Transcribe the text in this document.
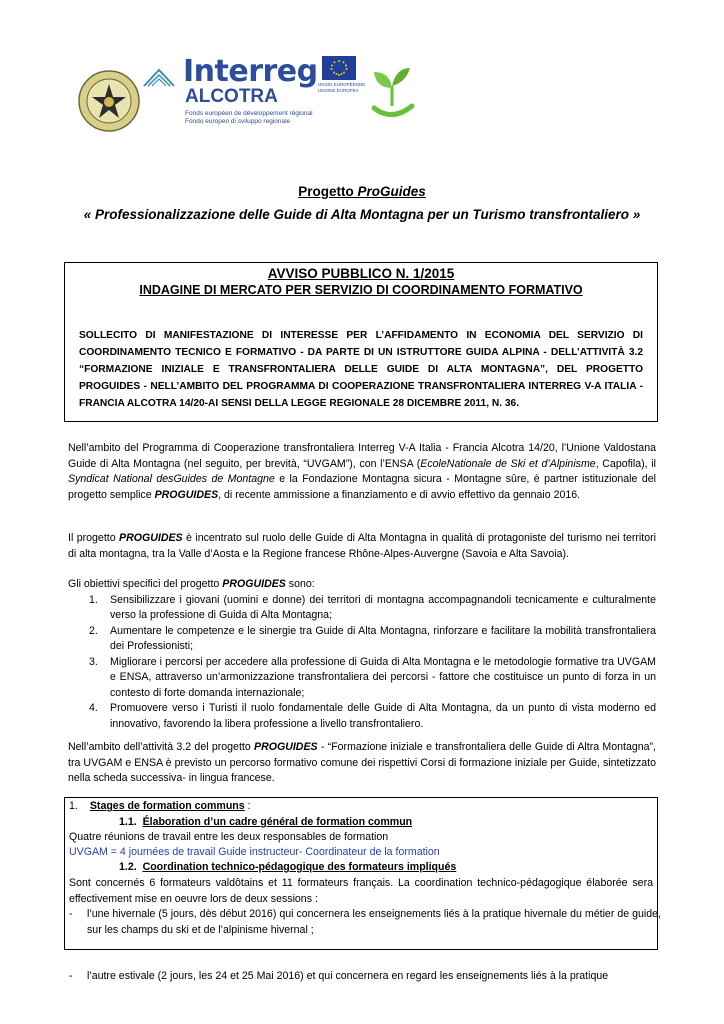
Interreg
ALCOTRA
Fonds européen de développement régional
Fondo europeo di sviluppo regionale
UNION EUROPÉENNE UNIONE EUROPEA
Progetto ProGuides
« Professionalizzazione delle Guide di Alta Montagna per un Turismo transfrontaliero »
AVVISO PUBBLICO N. 1/2015
INDAGINE DI MERCATO PER SERVIZIO DI COORDINAMENTO FORMATIVO
SOLLECITO DI MANIFESTAZIONE DI INTERESSE PER L’AFFIDAMENTO IN ECONOMIA DEL SERVIZIO DI COORDINAMENTO TECNICO E FORMATIVO - DA PARTE DI UN ISTRUTTORE GUIDA ALPINA - DELL’ATTIVITÀ 3.2 “FORMAZIONE INIZIALE E TRANSFRONTALIERA DELLE GUIDE DI ALTA MONTAGNA”, DEL PROGETTO PROGUIDES - NELL’AMBITO DEL PROGRAMMA DI COOPERAZIONE TRANSFRONTALIERA INTERREG V-A ITALIA - FRANCIA ALCOTRA 14/20-AI SENSI DELLA LEGGE REGIONALE 28 DICEMBRE 2011, N. 36.
Nell’ambito del Programma di Cooperazione transfrontaliera Interreg V-A Italia - Francia Alcotra 14/20, l’Unione Valdostana Guide di Alta Montagna (nel seguito, per brevità, “UVGAM”), con l’ENSA (EcoleNationale de Ski et d’Alpinisme, Capofila), il Syndicat National desGuides de Montagne e la Fondazione Montagna sicura - Montagne sûre, è partner istituzionale del progetto semplice PROGUIDES, di recente ammissione a finanziamento e di avvio effettivo da gennaio 2016.
Il progetto PROGUIDES è incentrato sul ruolo delle Guide di Alta Montagna in qualità di protagoniste del turismo nei territori di alta montagna, tra la Valle d’Aosta e la Regione francese Rhône-Alpes-Auvergne (Savoia e Alta Savoia).
Gli obiettivi specifici del progetto PROGUIDES sono:
1. Sensibilizzare i giovani (uomini e donne) dei territori di montagna accompagnandoli tecnicamente e culturalmente verso la professione di Guida di Alta Montagna;
2. Aumentare le competenze e le sinergie tra Guide di Alta Montagna, rinforzare e facilitare la mobilità transfrontaliera dei Professionisti;
3. Migliorare i percorsi per accedere alla professione di Guida di Alta Montagna e le metodologie formative tra UVGAM e ENSA, attraverso un’armonizzazione transfrontaliera dei percorsi - fattore che costituisce un punto di forza in un contesto di forte domanda internazionale;
4. Promuovere verso i Turisti il ruolo fondamentale delle Guide di Alta Montagna, da un punto di vista moderno ed innovativo, favorendo la libera professione a livello transfrontaliero.
Nell’ambito dell’attività 3.2 del progetto PROGUIDES - “Formazione iniziale e transfrontaliera delle Guide di Altra Montagna”, tra UVGAM e ENSA è previsto un percorso formativo comune dei rispettivi Corsi di formazione iniziale per Guide, sintetizzato nella scheda successiva- in lingua francese.
1. Stages de formation communs :
1.1. Élaboration d’un cadre général de formation commun
Quatre réunions de travail entre les deux responsables de formation
UVGAM = 4 journées de travail Guide instructeur- Coordinateur de la formation
1.2. Coordination technico-pédagogique des formateurs impliqués
Sont concernés 6 formateurs valdôtains et 11 formateurs français. La coordination technico-pédagogique élaborée sera effectivement mise en oeuvre lors de deux sessions :
- l’une hivernale (5 jours, dès début 2016) qui concernera les enseignements liés à la pratique hivernale du métier de guide, sur les champs du ski et de l’alpinisme hivernal ;
- l’autre estivale (2 jours, les 24 et 25 Mai 2016) et qui concernera en regard les enseignements liés à la pratique
